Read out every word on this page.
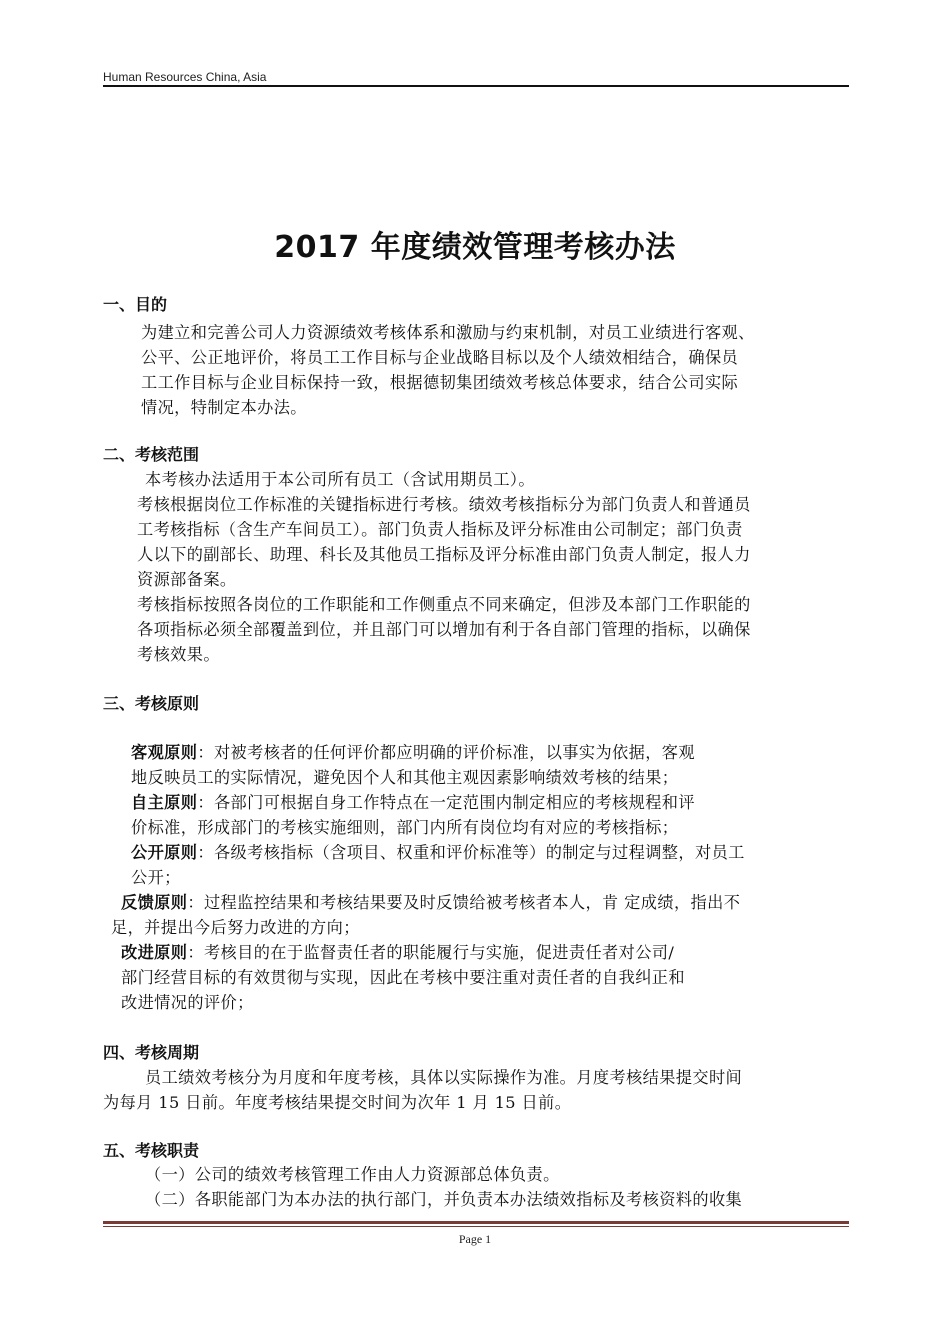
Human Resources China, Asia
2017 年度绩效管理考核办法
一、目的
为建立和完善公司人力资源绩效考核体系和激励与约束机制，对员工业绩进行客观、
公平、公正地评价，将员工工作目标与企业战略目标以及个人绩效相结合，确保员
工工作目标与企业目标保持一致，根据德韧集团绩效考核总体要求，结合公司实际
情况，特制定本办法。
二、考核范围
本考核办法适用于本公司所有员工（含试用期员工）。
考核根据岗位工作标准的关键指标进行考核。绩效考核指标分为部门负责人和普通员
工考核指标（含生产车间员工）。部门负责人指标及评分标准由公司制定；部门负责
人以下的副部长、助理、科长及其他员工指标及评分标准由部门负责人制定，报人力
资源部备案。
考核指标按照各岗位的工作职能和工作侧重点不同来确定，但涉及本部门工作职能的
各项指标必须全部覆盖到位，并且部门可以增加有利于各自部门管理的指标，以确保
考核效果。
三、考核原则
客观原则：对被考核者的任何评价都应明确的评价标准，以事实为依据，客观
地反映员工的实际情况，避免因个人和其他主观因素影响绩效考核的结果；
自主原则：各部门可根据自身工作特点在一定范围内制定相应的考核规程和评
价标准，形成部门的考核实施细则，部门内所有岗位均有对应的考核指标；
公开原则：各级考核指标（含项目、权重和评价标准等）的制定与过程调整，对员工
公开；
反馈原则：过程监控结果和考核结果要及时反馈给被考核者本人，肯 定成绩，指出不
足，并提出今后努力改进的方向；
改进原则：考核目的在于监督责任者的职能履行与实施，促进责任者对公司/
部门经营目标的有效贯彻与实现，因此在考核中要注重对责任者的自我纠正和
改进情况的评价；
四、考核周期
员工绩效考核分为月度和年度考核，具体以实际操作为准。月度考核结果提交时间
为每月 15 日前。年度考核结果提交时间为次年 1 月 15 日前。
五、考核职责
（一）公司的绩效考核管理工作由人力资源部总体负责。
（二）各职能部门为本办法的执行部门，并负责本办法绩效指标及考核资料的收集
Page 1
